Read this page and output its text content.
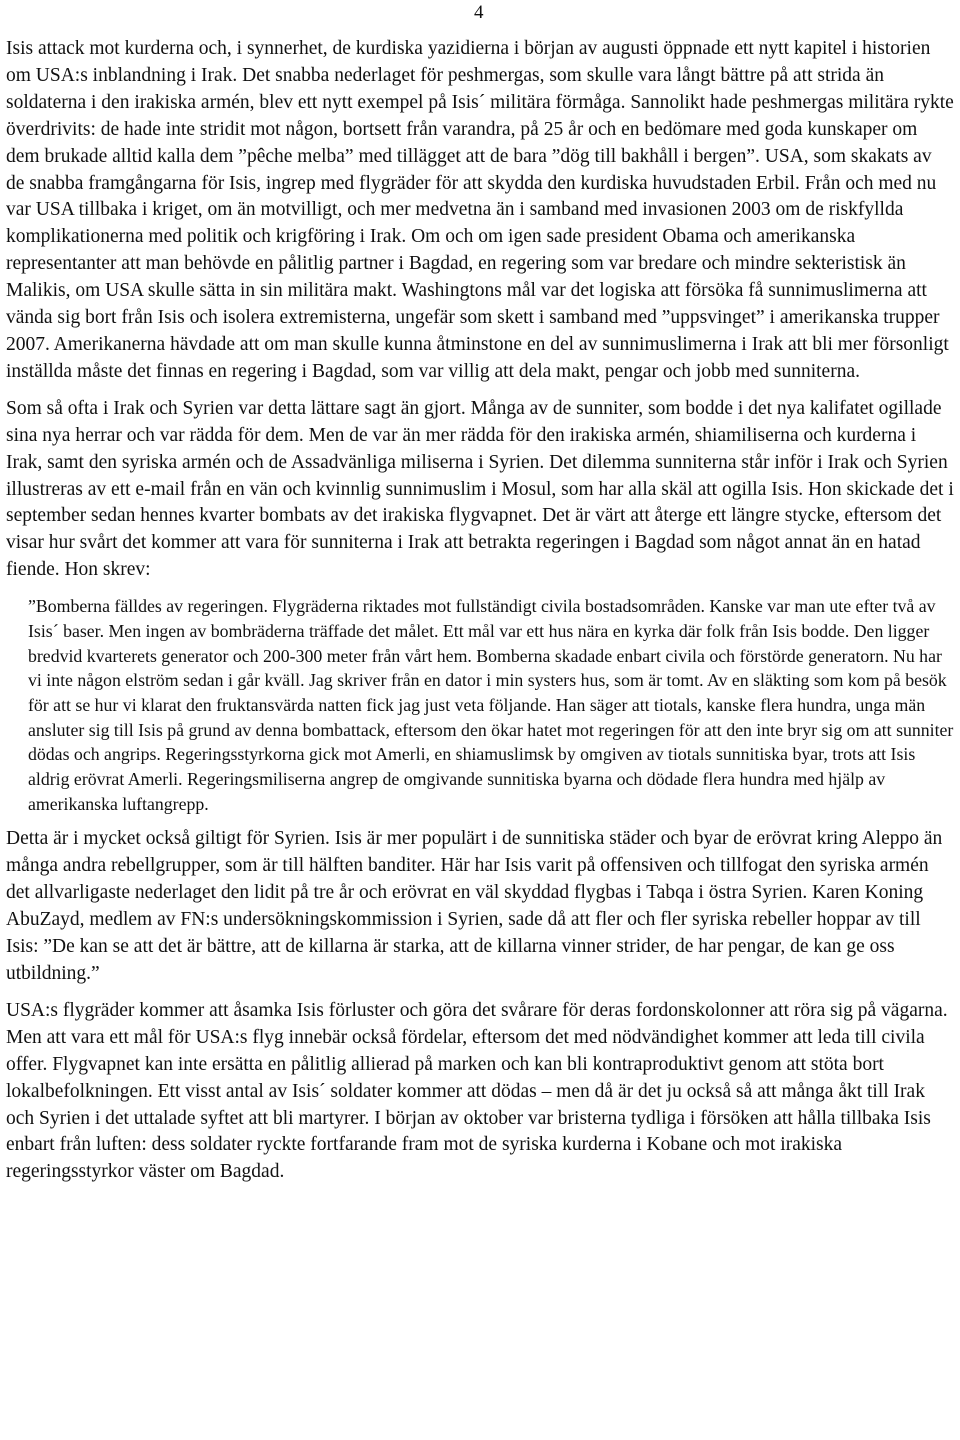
4

Isis attack mot kurderna och, i synnerhet, de kurdiska yazidierna i början av augusti öppnade ett nytt kapitel i historien om USA:s inblandning i Irak. Det snabba nederlaget för peshmergas, som skulle vara långt bättre på att strida än soldaterna i den irakiska armén, blev ett nytt exempel på Isis´ militära förmåga. Sannolikt hade peshmergas militära rykte överdrivits: de hade inte stridit mot någon, bortsett från varandra, på 25 år och en bedömare med goda kunskaper om dem brukade alltid kalla dem ”pêche melba” med tillägget att de bara ”dög till bakhåll i bergen”. USA, som skakats av de snabba framgångarna för Isis, ingrep med flygräder för att skydda den kurdiska huvudstaden Erbil. Från och med nu var USA tillbaka i kriget, om än motvilligt, och mer medvetna än i samband med invasionen 2003 om de riskfyllda komplikationerna med politik och krigföring i Irak. Om och om igen sade president Obama och amerikanska representanter att man behövde en pålitlig partner i Bagdad, en regering som var bredare och mindre sekteristisk än Malikis, om USA skulle sätta in sin militära makt. Washingtons mål var det logiska att försöka få sunnimuslimerna att vända sig bort från Isis och isolera extremisterna, ungefär som skett i samband med ”uppsvinget” i amerikanska trupper 2007. Amerikanerna hävdade att om man skulle kunna åtminstone en del av sunnimuslimerna i Irak att bli mer försonligt inställda måste det finnas en regering i Bagdad, som var villig att dela makt, pengar och jobb med sunniterna.

Som så ofta i Irak och Syrien var detta lättare sagt än gjort. Många av de sunniter, som bodde i det nya kalifatet ogillade sina nya herrar och var rädda för dem. Men de var än mer rädda för den irakiska armén, shiamiliserna och kurderna i Irak, samt den syriska armén och de Assadvänliga miliserna i Syrien. Det dilemma sunniterna står inför i Irak och Syrien illustreras av ett e-mail från en vän och kvinnlig sunnimuslim i Mosul, som har alla skäl att ogilla Isis. Hon skickade det i september sedan hennes kvarter bombats av det irakiska flygvapnet. Det är värt att återge ett längre stycke, eftersom det visar hur svårt det kommer att vara för sunniterna i Irak att betrakta regeringen i Bagdad som något annat än en hatad fiende. Hon skrev:

”Bomberna fälldes av regeringen. Flygräderna riktades mot fullständigt civila bostadsområden. Kanske var man ute efter två av Isis´ baser. Men ingen av bombräderna träffade det målet. Ett mål var ett hus nära en kyrka där folk från Isis bodde. Den ligger bredvid kvarterets generator och 200-300 meter från vårt hem. Bomberna skadade enbart civila och förstörde generatorn. Nu har vi inte någon elström sedan i går kväll. Jag skriver från en dator i min systers hus, som är tomt. Av en släkting som kom på besök för att se hur vi klarat den fruktansvärda natten fick jag just veta följande. Han säger att tiotals, kanske flera hundra, unga män ansluter sig till Isis på grund av denna bombattack, eftersom den ökar hatet mot regeringen för att den inte bryr sig om att sunniter dödas och angrips. Regeringsstyrkorna gick mot Amerli, en shiamuslimsk by omgiven av tiotals sunnitiska byar, trots att Isis aldrig erövrat Amerli. Regeringsmiliserna angrep de omgivande sunnitiska byarna och dödade flera hundra med hjälp av amerikanska luftangrepp.

Detta är i mycket också giltigt för Syrien. Isis är mer populärt i de sunnitiska städer och byar de erövrat kring Aleppo än många andra rebellgrupper, som är till hälften banditer. Här har Isis varit på offensiven och tillfogat den syriska armén det allvarligaste nederlaget den lidit på tre år och erövrat en väl skyddad flygbas i Tabqa i östra Syrien. Karen Koning AbuZayd, medlem av FN:s undersökningskommission i Syrien, sade då att fler och fler syriska rebeller hoppar av till Isis: ”De kan se att det är bättre, att de killarna är starka, att de killarna vinner strider, de har pengar, de kan ge oss utbildning.”

USA:s flygräder kommer att åsamka Isis förluster och göra det svårare för deras fordonskolonner att röra sig på vägarna. Men att vara ett mål för USA:s flyg innebär också fördelar, eftersom det med nödvändighet kommer att leda till civila offer. Flygvapnet kan inte ersätta en pålitlig allierad på marken och kan bli kontraproduktivt genom att stöta bort lokalbefolkningen. Ett visst antal av Isis´ soldater kommer att dödas – men då är det ju också så att många åkt till Irak och Syrien i det uttalade syftet att bli martyrer. I början av oktober var bristerna tydliga i försöken att hålla tillbaka Isis enbart från luften: dess soldater ryckte fortfarande fram mot de syriska kurderna i Kobane och mot irakiska regeringsstyrkor väster om Bagdad.
